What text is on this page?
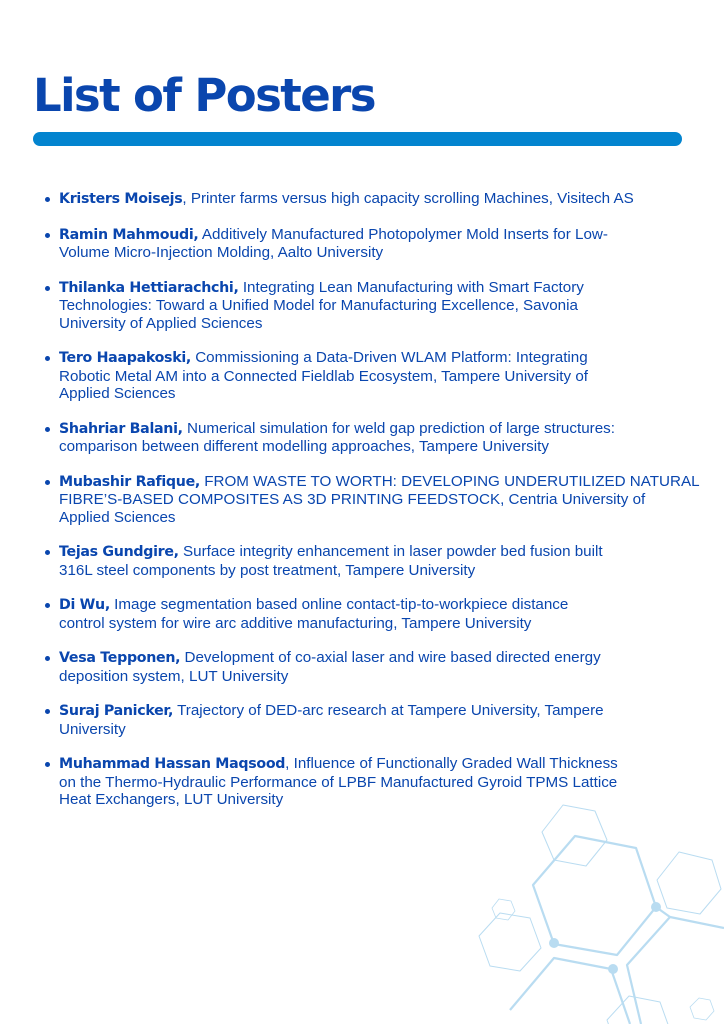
List of Posters
Kristers Moisejs, Printer farms versus high capacity scrolling Machines, Visitech AS
Ramin Mahmoudi, Additively Manufactured Photopolymer Mold Inserts for Low-
Volume Micro-Injection Molding, Aalto University
Thilanka Hettiarachchi, Integrating Lean Manufacturing with Smart Factory
Technologies: Toward a Unified Model for Manufacturing Excellence, Savonia
University of Applied Sciences
Tero Haapakoski, Commissioning a Data-Driven WLAM Platform: Integrating
Robotic Metal AM into a Connected Fieldlab Ecosystem, Tampere University of
Applied Sciences
Shahriar Balani, Numerical simulation for weld gap prediction of large structures:
comparison between different modelling approaches, Tampere University
Mubashir Rafique, FROM WASTE TO WORTH: DEVELOPING UNDERUTILIZED NATURAL
FIBRE’S-BASED COMPOSITES AS 3D PRINTING FEEDSTOCK, Centria University of
Applied Sciences
Tejas Gundgire, Surface integrity enhancement in laser powder bed fusion built
316L steel components by post treatment, Tampere University
Di Wu, Image segmentation based online contact-tip-to-workpiece distance
control system for wire arc additive manufacturing, Tampere University
Vesa Tepponen, Development of co-axial laser and wire based directed energy
deposition system, LUT University
Suraj Panicker, Trajectory of DED-arc research at Tampere University, Tampere
University
Muhammad Hassan Maqsood, Influence of Functionally Graded Wall Thickness
on the Thermo-Hydraulic Performance of LPBF Manufactured Gyroid TPMS Lattice
Heat Exchangers, LUT University
